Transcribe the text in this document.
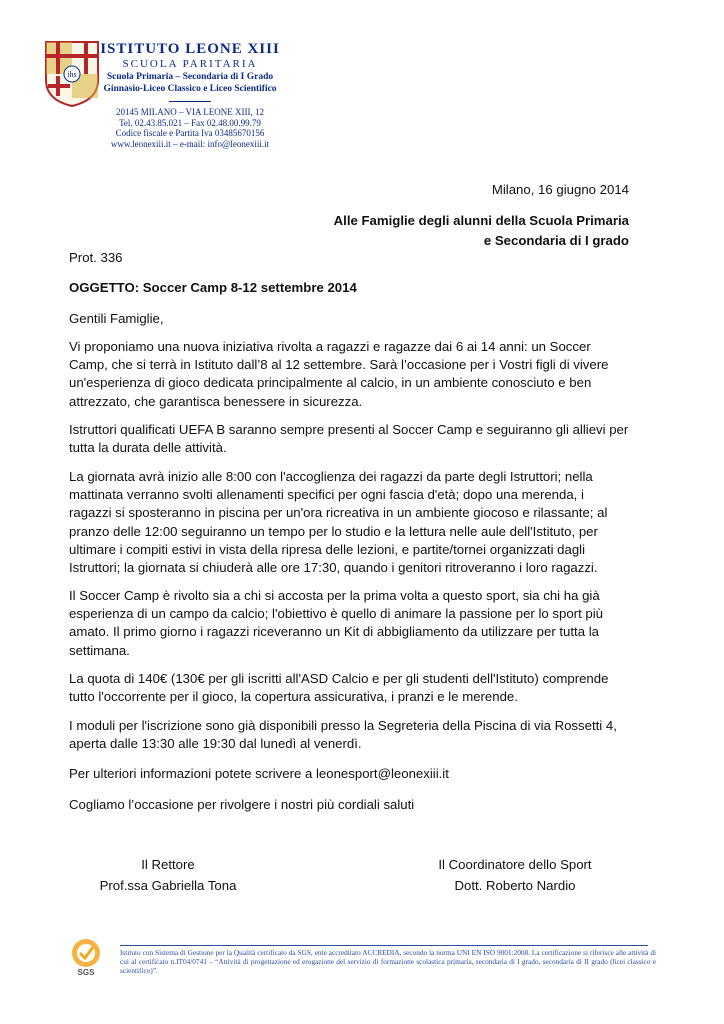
ihs
ISTITUTO LEONE XIII
SCUOLA PARITARIA
Scuola Primaria – Secondaria di I Grado
Ginnasio-Liceo Classico e Liceo Scientifico
20145 MILANO – VIA LEONE XIII, 12
Tel. 02.43.85.021 – Fax 02.48.00.99.79
Codice fiscale e Partita Iva 03485670156
www.leonexiii.it – e-mail: info@leonexiii.it
Milano, 16 giugno 2014
Alle Famiglie degli alunni della Scuola Primaria
e Secondaria di I grado
Prot. 336
OGGETTO: Soccer Camp 8-12 settembre 2014
Gentili Famiglie,

Vi proponiamo una nuova iniziativa rivolta a ragazzi e ragazze dai 6 ai 14 anni: un Soccer Camp, che si terrà in Istituto dall’8 al 12 settembre. Sarà l’occasione per i Vostri figli di vivere un'esperienza di gioco dedicata principalmente al calcio, in un ambiente conosciuto e ben attrezzato, che garantisca benessere in sicurezza.

Istruttori qualificati UEFA B saranno sempre presenti al Soccer Camp e seguiranno gli allievi per tutta la durata delle attività.

La giornata avrà inizio alle 8:00 con l'accoglienza dei ragazzi da parte degli Istruttori; nella mattinata verranno svolti allenamenti specifici per ogni fascia d'età; dopo una merenda, i ragazzi si sposteranno in piscina per un'ora ricreativa in un ambiente giocoso e rilassante; al pranzo delle 12:00 seguiranno un tempo per lo studio e la lettura nelle aule dell'Istituto, per ultimare i compiti estivi in vista della ripresa delle lezioni, e partite/tornei organizzati dagli Istruttori; la giornata si chiuderà alle ore 17:30, quando i genitori ritroveranno i loro ragazzi.

Il Soccer Camp è rivolto sia a chi si accosta per la prima volta a questo sport, sia chi ha già esperienza di un campo da calcio; l'obiettivo è quello di animare la passione per lo sport più amato. Il primo giorno i ragazzi riceveranno un Kit di abbigliamento da utilizzare per tutta la settimana.

La quota di 140€ (130€ per gli iscritti all'ASD Calcio e per gli studenti dell'Istituto) comprende tutto l'occorrente per il gioco, la copertura assicurativa, i pranzi e le merende.

I moduli per l'iscrizione sono già disponibili presso la Segreteria della Piscina di via Rossetti 4, aperta dalle 13:30 alle 19:30 dal lunedì al venerdì.

Per ulteriori informazioni potete scrivere a leonesport@leonexiii.it

Cogliamo l’occasione per rivolgere i nostri più cordiali saluti

Il Rettore
Prof.ssa Gabriella Tona
Il Coordinatore dello Sport
Dott. Roberto Nardio
SGS
Istituto con Sistema di Gestione per la Qualità certificato da SGS, ente accreditato ACCREDIA, secondo la norma UNI EN ISO 9001:2008. La certificazione si riferisce alle attività di cui al certificato n.IT04/0741 – “Attività di progettazione ed erogazione del servizio di formazione scolastica primaria, secondaria di I grado, secondaria di II grado (licei classico e scientifico)”.
